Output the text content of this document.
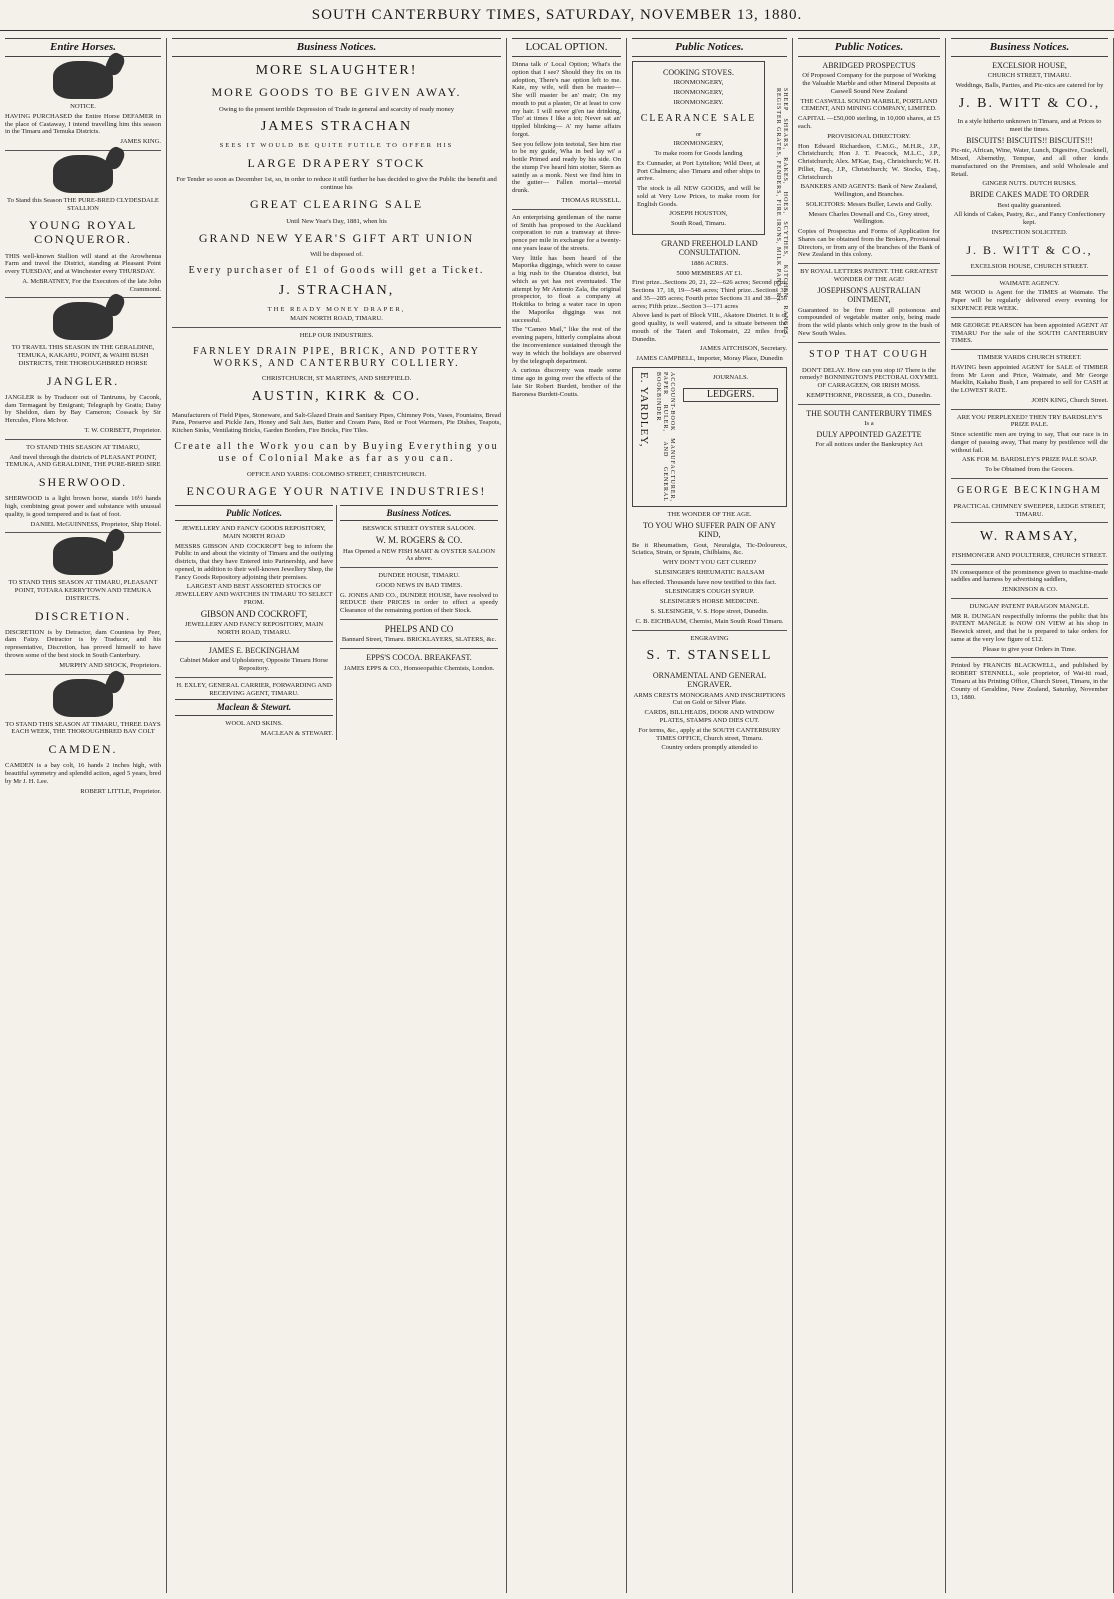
SOUTH CANTERBURY TIMES, SATURDAY, NOVEMBER 13, 1880.
Entire Horses.

NOTICE.

HAVING PURCHASED the Entire Horse DEFAMER in the place of Castaway, I intend travelling him this season in the Timaru and Temuka Districts.

JAMES KING.

To Stand this Season THE PURE-BRED CLYDESDALE STALLION

YOUNG ROYAL CONQUEROR.

THIS well-known Stallion will stand at the Arowhenua Farm and travel the District, standing at Pleasant Point every TUESDAY, and at Winchester every THURSDAY.

A. McBRATNEY, For the Executors of the late John Crammond.

TO TRAVEL THIS SEASON IN THE GERALDINE, TEMUKA, KAKAHU, POINT, & WAIHI BUSH DISTRICTS, THE THOROUGHBRED HORSE

JANGLER.

JANGLER is by Traducer out of Tantrums, by Caconk, dam Termagant by Emigrant; Telegraph by Gratis; Daisy by Sheldon, dam by Bay Cameron; Cossack by Sir Hercules, Flora McIvor.

T. W. CORBETT, Proprietor.

TO STAND THIS SEASON AT TIMARU,

And travel through the districts of PLEASANT POINT, TEMUKA, AND GERALDINE, THE PURE-BRED SIRE

SHERWOOD.

SHERWOOD is a light brown horse, stands 16½ hands high, combining great power and substance with unusual quality, is good tempered and is fast of foot.

DANIEL McGUINNESS, Proprietor, Ship Hotel.

TO STAND THIS SEASON AT TIMARU, PLEASANT POINT, TOTARA KERRYTOWN AND TEMUKA DISTRICTS.

DISCRETION.

DISCRETION is by Detractor, dam Countess by Peer, dam Faizy. Detractor is by Traducer, and his representative, Discretion, has proved himself to have thrown some of the best stock in South Canterbury.

MURPHY AND SHOCK, Proprietors.

TO STAND THIS SEASON AT TIMARU, THREE DAYS EACH WEEK, THE THOROUGHBRED BAY COLT

CAMDEN.

CAMDEN is a bay colt, 16 hands 2 inches high, with beautiful symmetry and splendid action, aged 5 years, bred by Mr J. H. Lee.

ROBERT LITTLE, Proprietor.

Business Notices.

MORE SLAUGHTER!

MORE GOODS TO BE GIVEN AWAY.

Owing to the present terrible Depression of Trade in general and scarcity of ready money

JAMES STRACHAN

SEES IT WOULD BE QUITE FUTILE TO OFFER HIS

LARGE DRAPERY STOCK

For Tender so soon as December 1st, so, in order to reduce it still further he has decided to give the Public the benefit and continue his

GREAT CLEARING SALE

Until New Year's Day, 1881, when his

GRAND NEW YEAR'S GIFT ART UNION

Will be disposed of.

Every purchaser of £1 of Goods will get a Ticket.

J. STRACHAN,

THE READY MONEY DRAPER,

MAIN NORTH ROAD, TIMARU.

HELP OUR INDUSTRIES.

FARNLEY DRAIN PIPE, BRICK, AND POTTERY WORKS, AND CANTERBURY COLLIERY.

CHRISTCHURCH, ST MARTIN'S, AND SHEFFIELD.

AUSTIN, KIRK & CO.

Manufacturers of Field Pipes, Stoneware, and Salt-Glazed Drain and Sanitary Pipes, Chimney Pots, Vases, Fountains, Bread Pans, Preserve and Pickle Jars, Honey and Salt Jars, Butter and Cream Pans, Red or Foot Warmers, Pie Dishes, Teapots, Kitchen Sinks, Ventilating Bricks, Garden Borders, Fire Bricks, Fire Tiles.

Create all the Work you can by Buying Everything you use of Colonial Make as far as you can.

OFFICE AND YARDS: COLOMBO STREET, CHRISTCHURCH.

ENCOURAGE YOUR NATIVE INDUSTRIES!

Public Notices.

JEWELLERY AND FANCY GOODS REPOSITORY, MAIN NORTH ROAD

MESSRS GIBSON AND COCKROFT beg to inform the Public in and about the vicinity of Timaru and the outlying districts, that they have Entered into Partnership, and have opened, in addition to their well-known Jewellery Shop, the Fancy Goods Repository adjoining their premises.

LARGEST AND BEST ASSORTED STOCKS OF JEWELLERY AND WATCHES IN TIMARU TO SELECT FROM.

GIBSON AND COCKROFT,

JEWELLERY AND FANCY REPOSITORY, MAIN NORTH ROAD, TIMARU.

JAMES E. BECKINGHAM

Cabinet Maker and Upholsterer, Opposite Timaru Horse Repository.

H. EXLEY, GENERAL CARRIER, FORWARDING AND RECEIVING AGENT, TIMARU.

Maclean & Stewart.

WOOL AND SKINS.

MACLEAN & STEWART.

Business Notices.

BESWICK STREET OYSTER SALOON.

W. M. ROGERS & CO.

Has Opened a NEW FISH MART & OYSTER SALOON As above.

DUNDEE HOUSE, TIMARU.

GOOD NEWS IN BAD TIMES.

G. JONES AND CO., DUNDEE HOUSE, have resolved to REDUCE their PRICES in order to effect a speedy Clearance of the remaining portion of their Stock.

PHELPS AND CO

Bannard Street, Timaru. BRICKLAYERS, SLATERS, &c.

EPPS'S COCOA. BREAKFAST.

JAMES EPPS & CO., Homoeopathic Chemists, London.

LOCAL OPTION.

Dinna talk o' Local Option; What's the option that I see? Should they fix on its adoption, There's nae option left to me. Kate, my wife, will then be master— She will master be an' mair; On my mouth to put a plaster, Or at least to cow my hair. I will never gi'en tae drinking, Tho' at times I like a tot; Never sat an' tippled blinking— A' my hame affairs forgot.

See you fellow join teetotal, See him rise to be my guide, Wha in bed lay wi' a bottle Primed and ready by his side. On the stump I've heard him stotter, Stern as saintly as a monk. Next we find him in the gutter— Fallen mortal—mortal drunk.

THOMAS RUSSELL.

An enterprising gentleman of the name of Smith has proposed to the Auckland corporation to run a tramway at three-pence per mile in exchange for a twenty-one years lease of the streets.

Very little has been heard of the Maporika diggings, which were to cause a big rush to the Otaratoa district, but which as yet has not eventuated. The attempt by Mr Antonio Zala, the original prospector, to float a company at Hokitika to bring a water race in upon the Maporika diggings was not successful.

The "Cameo Mail," like the rest of the evening papers, bitterly complains about the inconvenience sustained through the way in which the holidays are observed by the telegraph department.

A curious discovery was made some time ago in going over the effects of the late Sir Robert Burdett, brother of the Baroness Burdett-Coutts.

Public Notices.

COOKING STOVES.

IRONMONGERY,

IRONMONGERY,

IRONMONGERY.

CLEARANCE SALE

or

IRONMONGERY,

To make room for Goods landing

Ex Cunnader, at Port Lyttelton; Wild Deer, at Port Chalmers; also Timaru and other ships to arrive.

The stock is all NEW GOODS, and will be sold at Very Low Prices, to make room for English Goods.

JOSEPH HOUSTON,

South Road, Timaru.	SHEEP SHEARS, RAKES, HOES, SCYTHES, KITCHEN RANGES, REGISTER GRATES, FENDERS, FIRE IRONS, MILK PANS, &c.

GRAND FREEHOLD LAND CONSULTATION.

1886 ACRES.

5000 MEMBERS AT £1.

First prize...Sections 20, 21, 22—626 acres; Second prize Sections 17, 18, 19—548 acres; Third prize...Sections 32 and 35—285 acres; Fourth prize Sections 31 and 38—256 acres; Fifth prize...Section 3—171 acres

Above land is part of Block VIII., Akatore District. It is of good quality, is well watered, and is situate between the mouth of the Taieri and Tokomairi, 22 miles from Dunedin.

JAMES AITCHISON, Secretary.

JAMES CAMPBELL, Importer, Moray Place, Dunedin

E. YARDLEY,	ACCOUNT-BOOK MANUFACTURER, PAPER RULER, AND GENERAL BOOKBINDER	JOURNALS.

LEDGERS.

THE WONDER OF THE AGE.

TO YOU WHO SUFFER PAIN OF ANY KIND,

Be it Rheumatism, Gout, Neuralgia, Tic-Doloureux, Sciatica, Strain, or Sprain, Chilblains, &c.

WHY DON'T YOU GET CURED?

SLESINGER'S RHEUMATIC BALSAM

has effected. Thousands have now testified to this fact.

SLESINGER'S COUGH SYRUP.

SLESINGER'S HORSE MEDICINE.

S. SLESINGER, V. S. Hope street, Dunedin.

C. B. EICHBAUM, Chemist, Main South Road Timaru.

ENGRAVING

S. T. STANSELL

ORNAMENTAL AND GENERAL ENGRAVER.

ARMS CRESTS MONOGRAMS AND INSCRIPTIONS Cut on Gold or Silver Plate.

CARDS, BILLHEADS, DOOR AND WINDOW PLATES, STAMPS AND DIES CUT.

For terms, &c., apply at the SOUTH CANTERBURY TIMES OFFICE, Church street, Timaru.

Country orders promptly attended to

Public Notices.

ABRIDGED PROSPECTUS

Of Proposed Company for the purpose of Working the Valuable Marble and other Mineral Deposits at Caswell Sound New Zealand

THE CASWELL SOUND MARBLE, PORTLAND CEMENT, AND MINING COMPANY, LIMITED.

CAPITAL —£50,000 sterling, in 10,000 shares, at £5 each.

PROVISIONAL DIRECTORY.

Hon Edward Richardson, C.M.G., M.H.R., J.P., Christchurch; Hon J. T. Peacock, M.L.C., J.P., Christchurch; Alex. M'Kae, Esq., Christchurch; W. H. Pilliet, Esq., J.P., Christchurch; W. Stocks, Esq., Christchurch

BANKERS AND AGENTS: Bank of New Zealand, Wellington, and Branches.

SOLICITORS: Messrs Buller, Lewis and Gully.

Messrs Charles Downall and Co., Grey street, Wellington.

Copies of Prospectus and Forms of Application for Shares can be obtained from the Brokers, Provisional Directors, or from any of the branches of the Bank of New Zealand in this colony.

BY ROYAL LETTERS PATENT. THE GREATEST WONDER OF THE AGE!

JOSEPHSON'S AUSTRALIAN OINTMENT,

Guaranteed to be free from all poisonous and compounded of vegetable matter only, being made from the wild plants which only grow in the bush of New South Wales.

STOP THAT COUGH

DON'T DELAY. How can you stop it? There is the remedy? BONNINGTON'S PECTORAL OXYMEL OF CARRAGEEN, OR IRISH MOSS.

KEMPTHORNE, PROSSER, & CO., Dunedin.

THE SOUTH CANTERBURY TIMES

Is a

DULY APPOINTED GAZETTE

For all notices under the Bankruptcy Act

Business Notices.

EXCELSIOR HOUSE,

CHURCH STREET, TIMARU.

Weddings, Balls, Parties, and Pic-nics are catered for by

J. B. WITT & CO.,

In a style hitherto unknown in Timaru, and at Prices to meet the times.

BISCUITS! BISCUITS!! BISCUITS!!!

Pic-nic, African, Wine, Water, Lunch, Digestive, Cracknell, Mixed, Abernethy, Tempue, and all other kinds manufactured on the Premises, and sold Wholesale and Retail.

GINGER NUTS. DUTCH RUSKS.

BRIDE CAKES MADE TO ORDER

Best quality guaranteed.

All kinds of Cakes, Pastry, &c., and Fancy Confectionery kept.

INSPECTION SOLICITED.

J. B. WITT & CO.,

EXCELSIOR HOUSE, CHURCH STREET.

WAIMATE AGENCY.

MR WOOD is Agent for the TIMES at Waimate. The Paper will be regularly delivered every evening for SIXPENCE PER WEEK.

MR GEORGE PEARSON has been appointed AGENT AT TIMARU For the sale of the SOUTH CANTERBURY TIMES.

TIMBER YARDS CHURCH STREET.

HAVING been appointed AGENT for SALE of TIMBER from Mr Leon and Price, Waimate, and Mr George Macklin, Kakahu Bush, I am prepared to sell for CASH at the LOWEST RATE.

JOHN KING, Church Street.

ARE YOU PERPLEXED? THEN TRY BARDSLEY'S PRIZE PALE.

Since scientific men are trying to say, That our race is in danger of passing away, That many by pestilence will die without fail.

ASK FOR M. BARDSLEY'S PRIZE PALE SOAP.

To be Obtained from the Grocers.

GEORGE BECKINGHAM

PRACTICAL CHIMNEY SWEEPER, LEDGE STREET, TIMARU.

W. RAMSAY,

FISHMONGER AND POULTERER, CHURCH STREET.

IN consequence of the prominence given to machine-made saddles and harness by advertising saddlers,

JENKINSON & CO.

DUNGAN' PATENT PARAGON MANGLE.

MR R. DUNGAN respectfully informs the public that his PATENT MANGLE is NOW ON VIEW at his shop in Beswick street, and that he is prepared to take orders for same at the very low figure of £12.

Please to give your Orders in Time.

Printed by FRANCIS BLACKWELL, and published by ROBERT STENNELL, sole proprietor, of Wai-iti road, Timaru at his Printing Office, Church Street, Timaru, in the County of Geraldine, New Zealand, Saturday, November 13, 1880.
